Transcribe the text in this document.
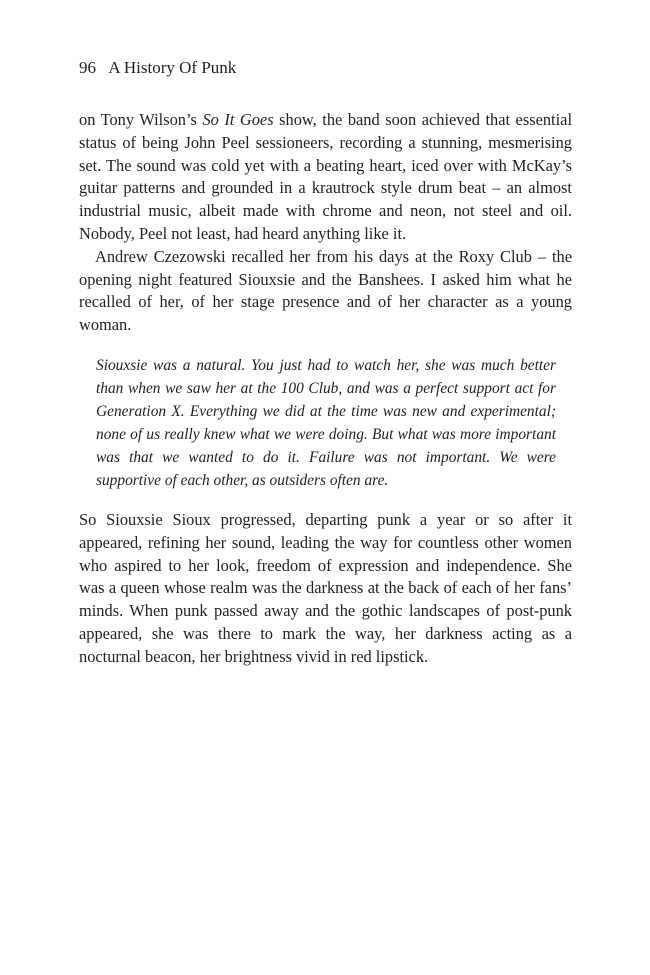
96 A History Of Punk

on Tony Wilson’s So It Goes show, the band soon achieved that essential status of being John Peel sessioneers, recording a stunning, mesmerising set. The sound was cold yet with a beating heart, iced over with McKay’s guitar patterns and grounded in a krautrock style drum beat – an almost industrial music, albeit made with chrome and neon, not steel and oil. Nobody, Peel not least, had heard anything like it.

Andrew Czezowski recalled her from his days at the Roxy Club – the opening night featured Siouxsie and the Banshees. I asked him what he recalled of her, of her stage presence and of her character as a young woman.

Siouxsie was a natural. You just had to watch her, she was much better than when we saw her at the 100 Club, and was a perfect support act for Generation X. Everything we did at the time was new and experimental; none of us really knew what we were doing. But what was more important was that we wanted to do it. Failure was not important. We were supportive of each other, as outsiders often are.

So Siouxsie Sioux progressed, departing punk a year or so after it appeared, refining her sound, leading the way for countless other women who aspired to her look, freedom of expression and independence. She was a queen whose realm was the darkness at the back of each of her fans’ minds. When punk passed away and the gothic landscapes of post-punk appeared, she was there to mark the way, her darkness acting as a nocturnal beacon, her brightness vivid in red lipstick.
